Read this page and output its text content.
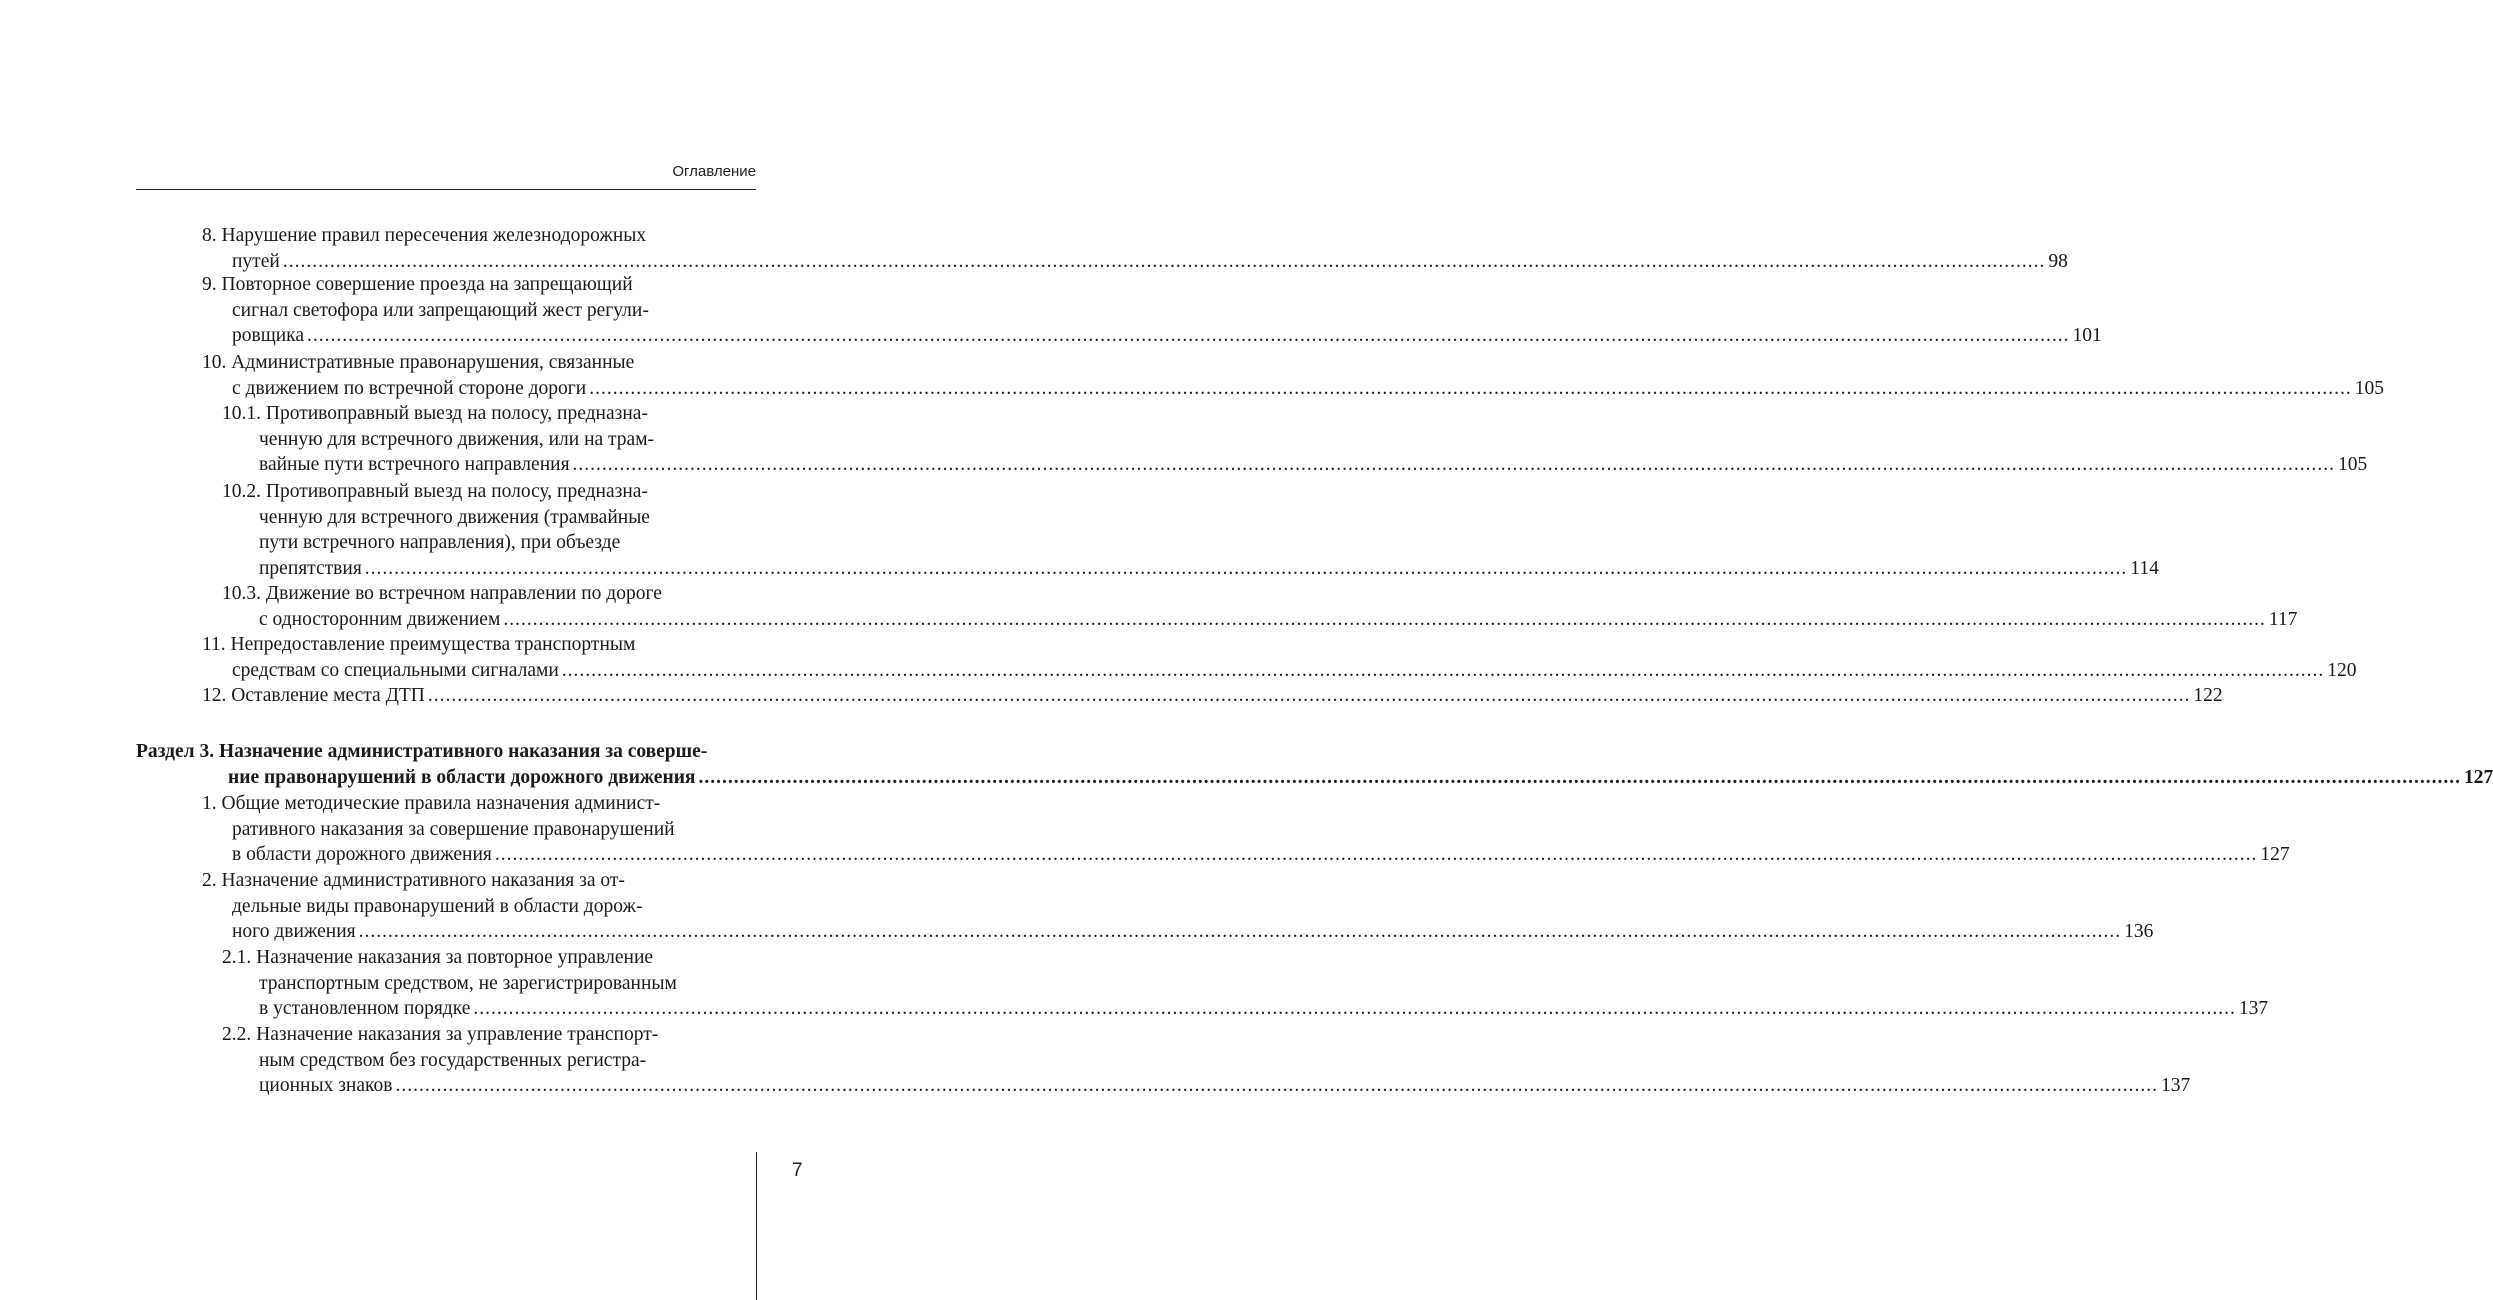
Оглавление
8. Нарушение правил пересечения железнодорожных
путей ............................................................................................................................................................................................................................................................................................................ 98
9. Повторное совершение проезда на запрещающий
сигнал светофора или запрещающий жест регули-
ровщика ............................................................................................................................................................................................................................................................................................................ 101
10. Административные правонарушения, связанные
с движением по встречной стороне дороги ............................................................................................................................................................................................................................................................................................................ 105
10.1. Противоправный выезд на полосу, предназна-
ченную для встречного движения, или на трам-
вайные пути встречного направления ............................................................................................................................................................................................................................................................................................................ 105
10.2. Противоправный выезд на полосу, предназна-
ченную для встречного движения (трамвайные
пути встречного направления), при объезде
препятствия ............................................................................................................................................................................................................................................................................................................ 114
10.3. Движение во встречном направлении по дороге
с односторонним движением ............................................................................................................................................................................................................................................................................................................ 117
11. Непредоставление преимущества транспортным
средствам со специальными сигналами ............................................................................................................................................................................................................................................................................................................ 120
12. Оставление места ДТП ............................................................................................................................................................................................................................................................................................................ 122
Раздел 3. Назначение административного наказания за соверше-
ние правонарушений в области дорожного движения ............................................................................................................................................................................................................................................................................................................ 127
1. Общие методические правила назначения админист-
ративного наказания за совершение правонарушений
в области дорожного движения ............................................................................................................................................................................................................................................................................................................ 127
2. Назначение административного наказания за от-
дельные виды правонарушений в области дорож-
ного движения ............................................................................................................................................................................................................................................................................................................ 136
2.1. Назначение наказания за повторное управление
транспортным средством, не зарегистрированным
в установленном порядке ............................................................................................................................................................................................................................................................................................................ 137
2.2. Назначение наказания за управление транспорт-
ным средством без государственных регистра-
ционных знаков ............................................................................................................................................................................................................................................................................................................ 137
7
